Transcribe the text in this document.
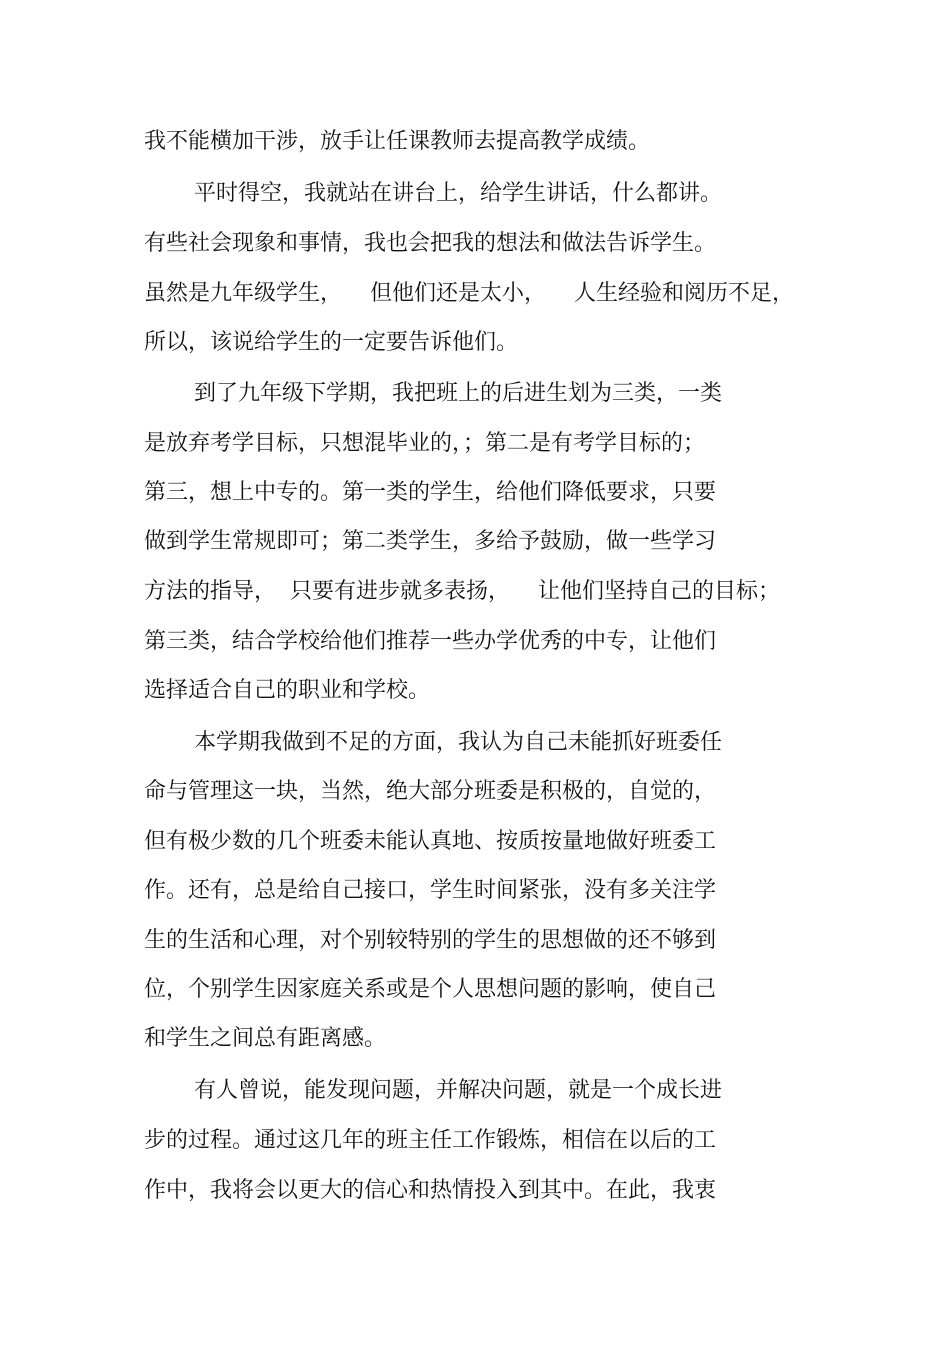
我不能横加干涉，放手让任课教师去提高教学成绩。
平时得空，我就站在讲台上，给学生讲话，什么都讲。
有些社会现象和事情，我也会把我的想法和做法告诉学生。
虽然是九年级学生，    但他们还是太小，    人生经验和阅历不足，
所以，该说给学生的一定要告诉他们。
到了九年级下学期，我把班上的后进生划为三类，一类
是放弃考学目标，只想混毕业的，；第二是有考学目标的；
第三，想上中专的。第一类的学生，给他们降低要求，只要
做到学生常规即可；第二类学生，多给予鼓励，做一些学习
方法的指导，  只要有进步就多表扬，    让他们坚持自己的目标；
第三类，结合学校给他们推荐一些办学优秀的中专，让他们
选择适合自己的职业和学校。
本学期我做到不足的方面，我认为自己未能抓好班委任
命与管理这一块，当然，绝大部分班委是积极的，自觉的，
但有极少数的几个班委未能认真地、按质按量地做好班委工
作。还有，总是给自己接口，学生时间紧张，没有多关注学
生的生活和心理，对个别较特别的学生的思想做的还不够到
位，个别学生因家庭关系或是个人思想问题的影响，使自己
和学生之间总有距离感。
有人曾说，能发现问题，并解决问题，就是一个成长进
步的过程。通过这几年的班主任工作锻炼，相信在以后的工
作中，我将会以更大的信心和热情投入到其中。在此，我衷
